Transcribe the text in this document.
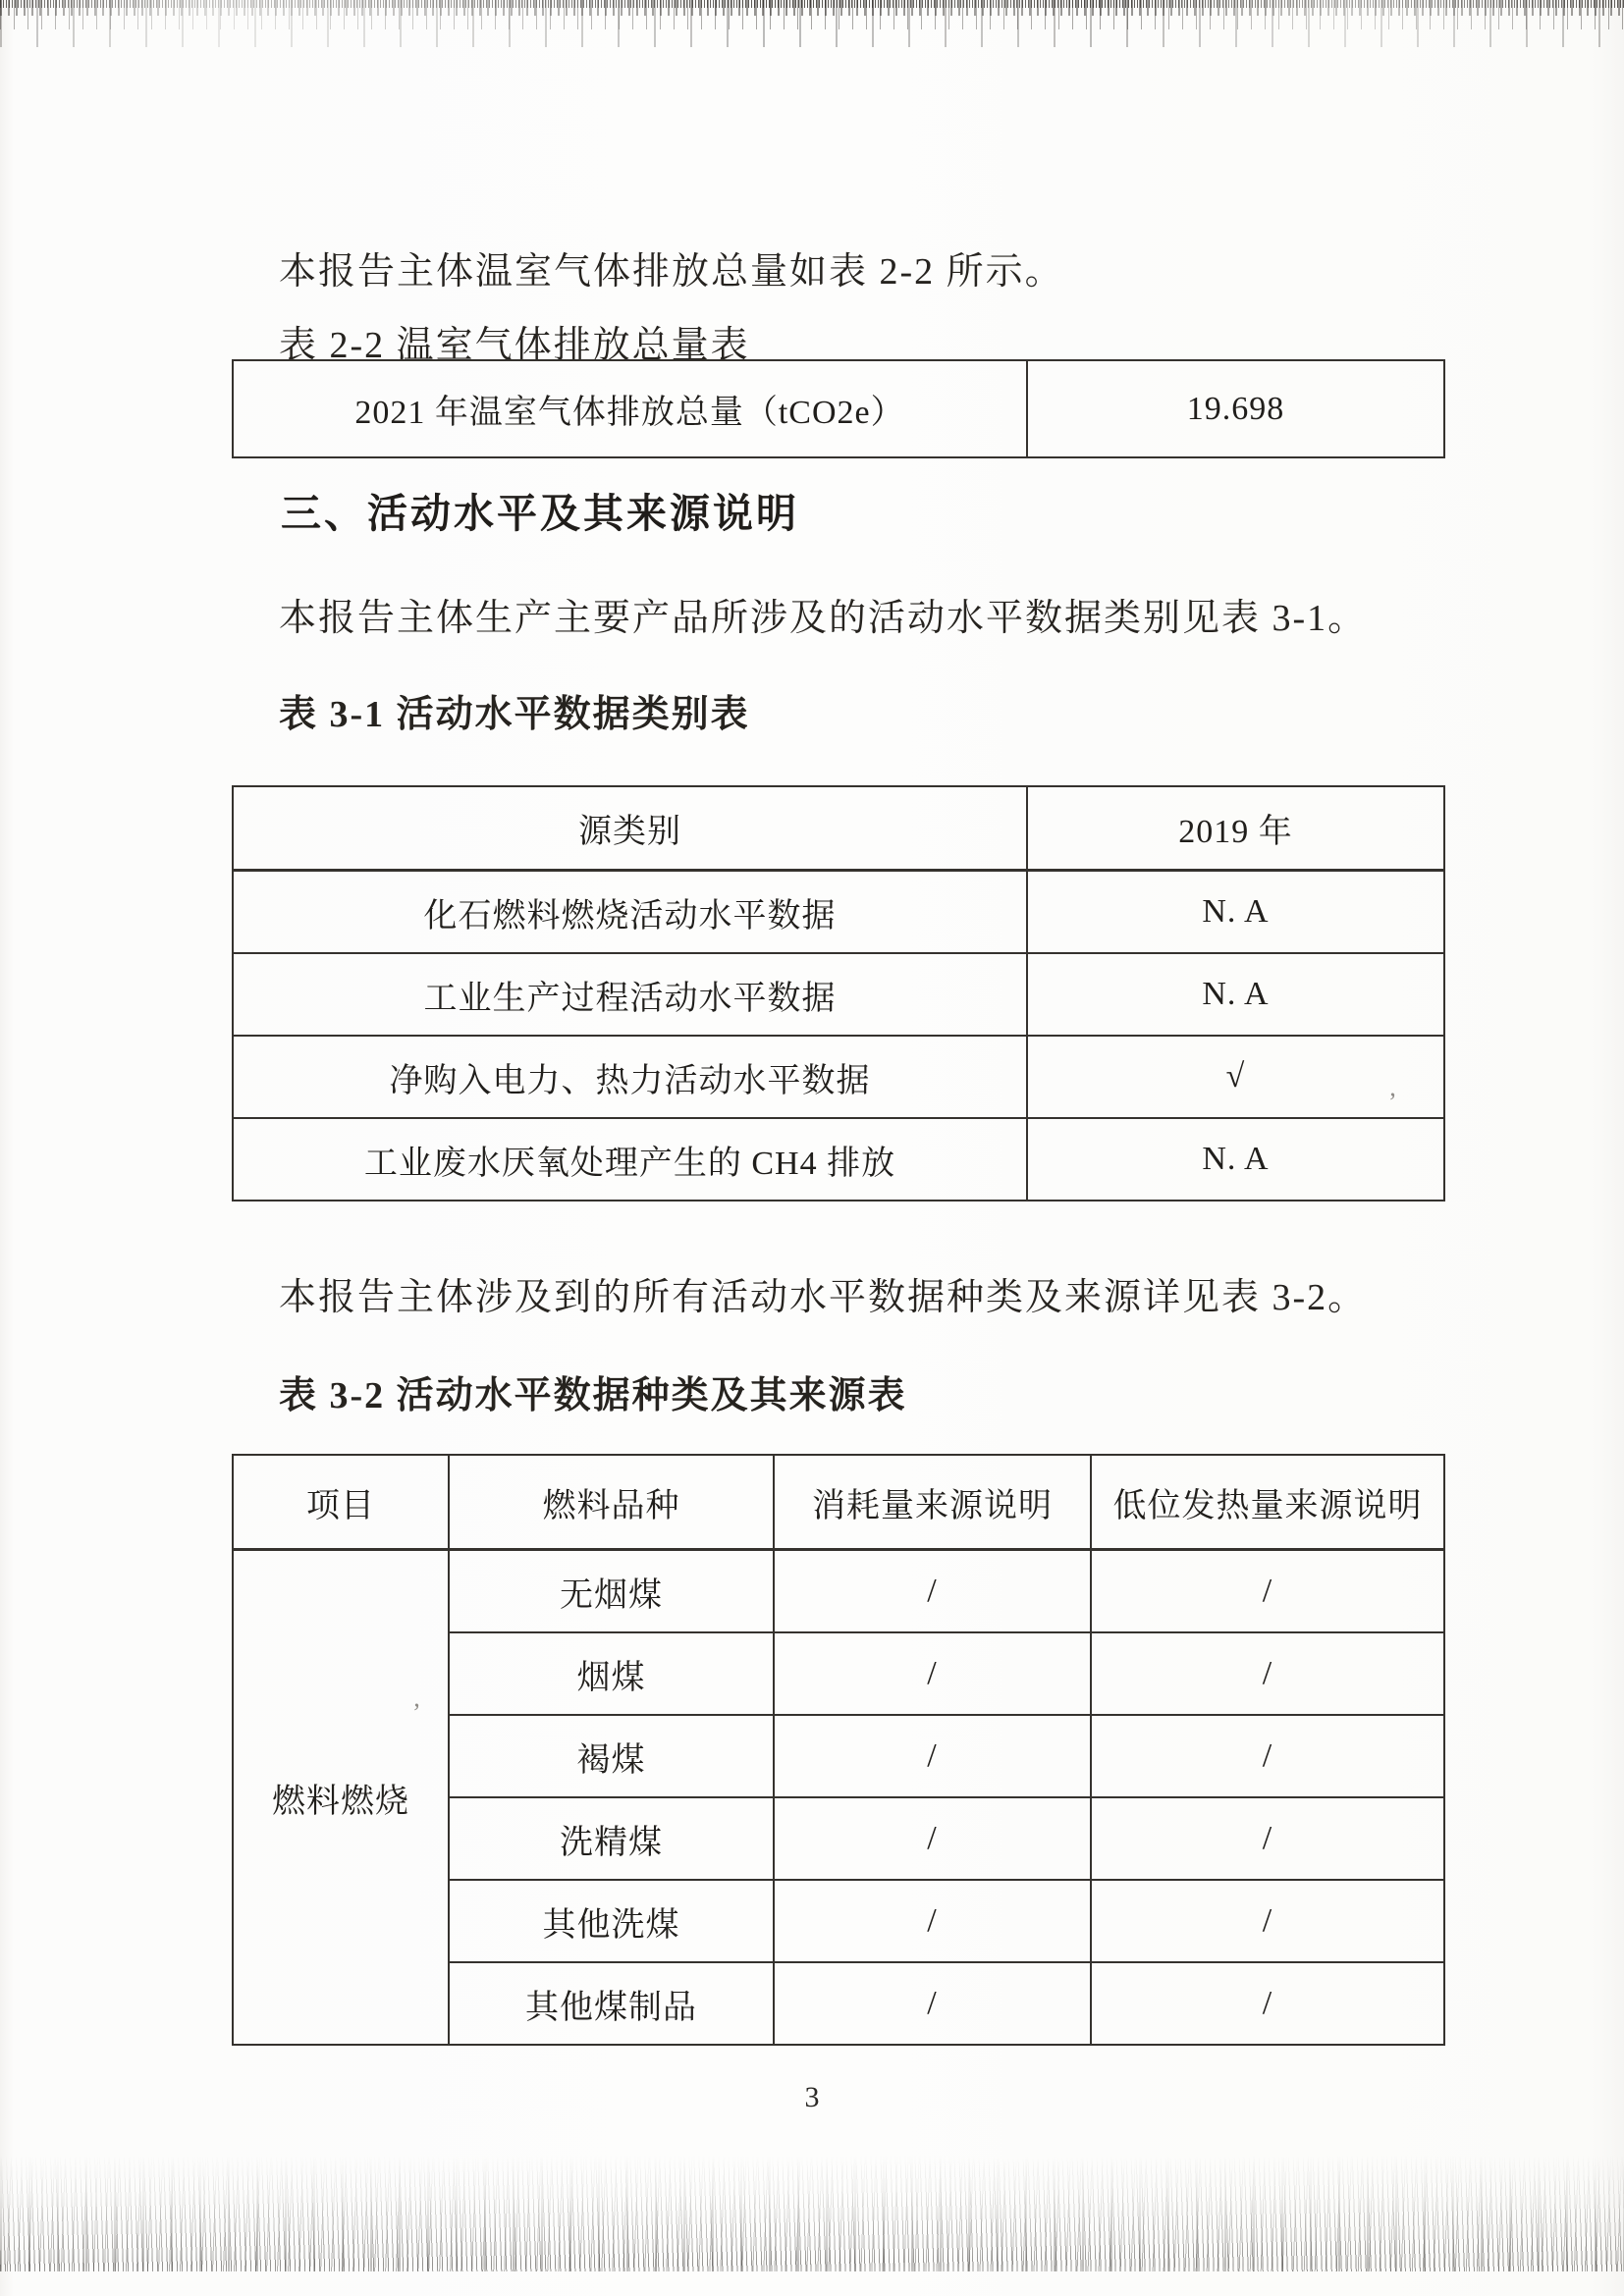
本报告主体温室气体排放总量如表 2-2 所示。

表 2-2 温室气体排放总量表
2021 年温室气体排放总量（tCO2e）	19.698
三、活动水平及其来源说明

本报告主体生产主要产品所涉及的活动水平数据类别见表 3-1。

表 3-1 活动水平数据类别表
源类别	2019 年
化石燃料燃烧活动水平数据	N. A
工业生产过程活动水平数据	N. A
净购入电力、热力活动水平数据	√
工业废水厌氧处理产生的 CH4 排放	N. A

本报告主体涉及到的所有活动水平数据种类及来源详见表 3-2。

表 3-2 活动水平数据种类及其来源表
项目	燃料品种	消耗量来源说明	低位发热量来源说明
燃料燃烧	无烟煤	/	/
	烟煤	/	/
	褐煤	/	/
	洗精煤	/	/
	其他洗煤	/	/
	其他煤制品	/	/
3
’
’
